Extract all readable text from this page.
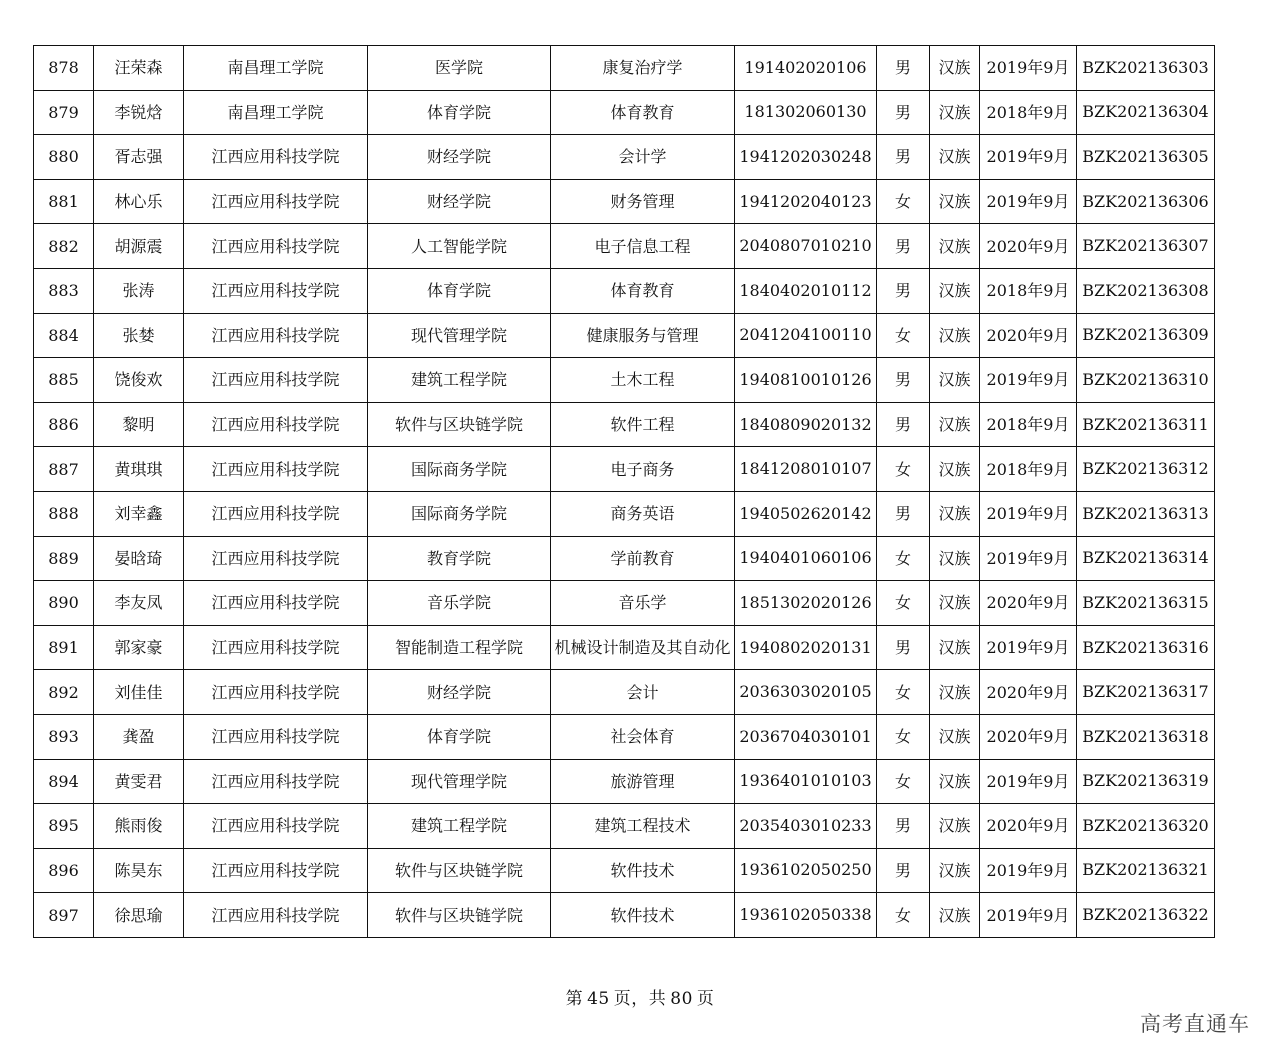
878	汪荣森	南昌理工学院	医学院	康复治疗学	191402020106	男	汉族	2019年9月	BZK202136303
879	李锐焓	南昌理工学院	体育学院	体育教育	181302060130	男	汉族	2018年9月	BZK202136304
880	胥志强	江西应用科技学院	财经学院	会计学	1941202030248	男	汉族	2019年9月	BZK202136305
881	林心乐	江西应用科技学院	财经学院	财务管理	1941202040123	女	汉族	2019年9月	BZK202136306
882	胡源震	江西应用科技学院	人工智能学院	电子信息工程	2040807010210	男	汉族	2020年9月	BZK202136307
883	张涛	江西应用科技学院	体育学院	体育教育	1840402010112	男	汉族	2018年9月	BZK202136308
884	张婪	江西应用科技学院	现代管理学院	健康服务与管理	2041204100110	女	汉族	2020年9月	BZK202136309
885	饶俊欢	江西应用科技学院	建筑工程学院	土木工程	1940810010126	男	汉族	2019年9月	BZK202136310
886	黎明	江西应用科技学院	软件与区块链学院	软件工程	1840809020132	男	汉族	2018年9月	BZK202136311
887	黄琪琪	江西应用科技学院	国际商务学院	电子商务	1841208010107	女	汉族	2018年9月	BZK202136312
888	刘幸鑫	江西应用科技学院	国际商务学院	商务英语	1940502620142	男	汉族	2019年9月	BZK202136313
889	晏晗琦	江西应用科技学院	教育学院	学前教育	1940401060106	女	汉族	2019年9月	BZK202136314
890	李友凤	江西应用科技学院	音乐学院	音乐学	1851302020126	女	汉族	2020年9月	BZK202136315
891	郭家豪	江西应用科技学院	智能制造工程学院	机械设计制造及其自动化	1940802020131	男	汉族	2019年9月	BZK202136316
892	刘佳佳	江西应用科技学院	财经学院	会计	2036303020105	女	汉族	2020年9月	BZK202136317
893	龚盈	江西应用科技学院	体育学院	社会体育	2036704030101	女	汉族	2020年9月	BZK202136318
894	黄雯君	江西应用科技学院	现代管理学院	旅游管理	1936401010103	女	汉族	2019年9月	BZK202136319
895	熊雨俊	江西应用科技学院	建筑工程学院	建筑工程技术	2035403010233	男	汉族	2020年9月	BZK202136320
896	陈昊东	江西应用科技学院	软件与区块链学院	软件技术	1936102050250	男	汉族	2019年9月	BZK202136321
897	徐思瑜	江西应用科技学院	软件与区块链学院	软件技术	1936102050338	女	汉族	2019年9月	BZK202136322
第 45 页，共 80 页
高考直通车
